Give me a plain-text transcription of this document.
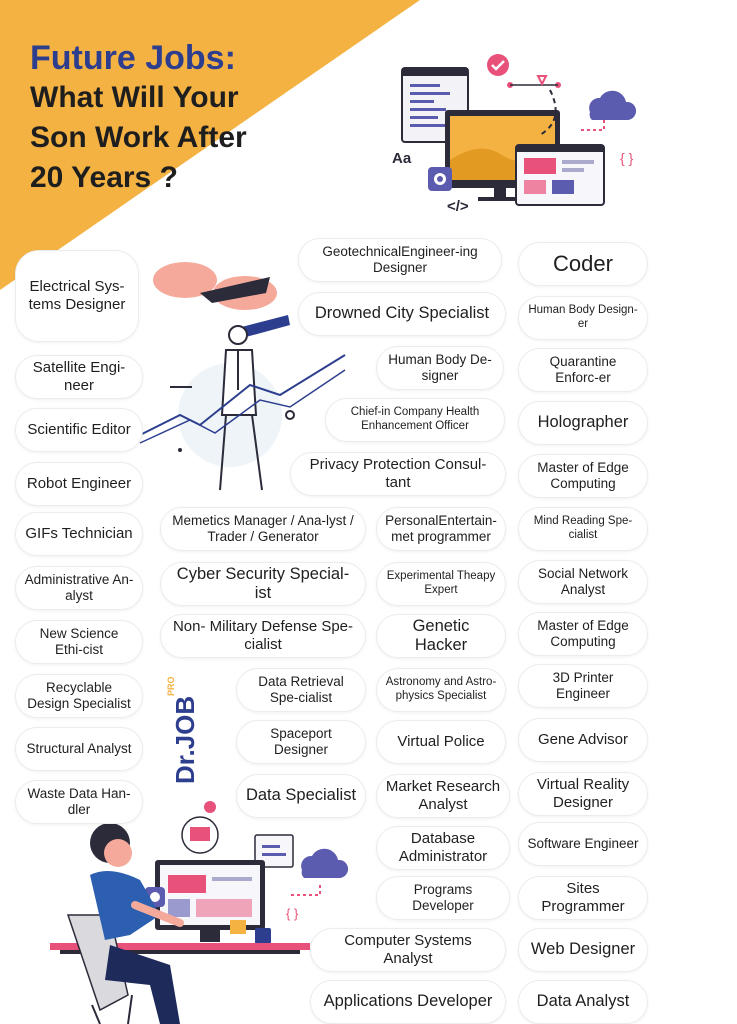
Future Jobs:
What Will Your
Son Work After
20 Years ?
Aa
</>
{ }
{ }
Dr.JOB
PRO
Electrical Sys-tems Designer
Satellite Engi-neer
Scientific Editor
Robot Engineer
GIFs Technician
Administrative An-alyst
New Science Ethi-cist
Recyclable Design Specialist
Structural Analyst
Waste Data Han-dler
GeotechnicalEngineer-ing Designer
Drowned City Specialist
Human Body De-signer
Chief-in Company Health Enhancement Officer
Privacy Protection Consul-tant
Memetics Manager / Ana-lyst / Trader / Generator
PersonalEntertain-met programmer
Cyber Security Special-ist
Experimental Theapy Expert
Non- Military Defense Spe-cialist
Genetic Hacker
Data Retrieval Spe-cialist
Astronomy and Astro-physics Specialist
Spaceport Designer	Virtual Police
Data Specialist	Market Research Analyst
Database Administrator
Programs Developer
Computer Systems Analyst
Applications Developer
Coder
Human Body Design-er
Quarantine Enforc-er
Holographer
Master of Edge Computing
Mind Reading Spe-cialist
Social Network Analyst
Master of Edge Computing
3D Printer Engineer
Gene Advisor
Virtual Reality Designer
Software Engineer
Sites Programmer
Web Designer
Data Analyst
